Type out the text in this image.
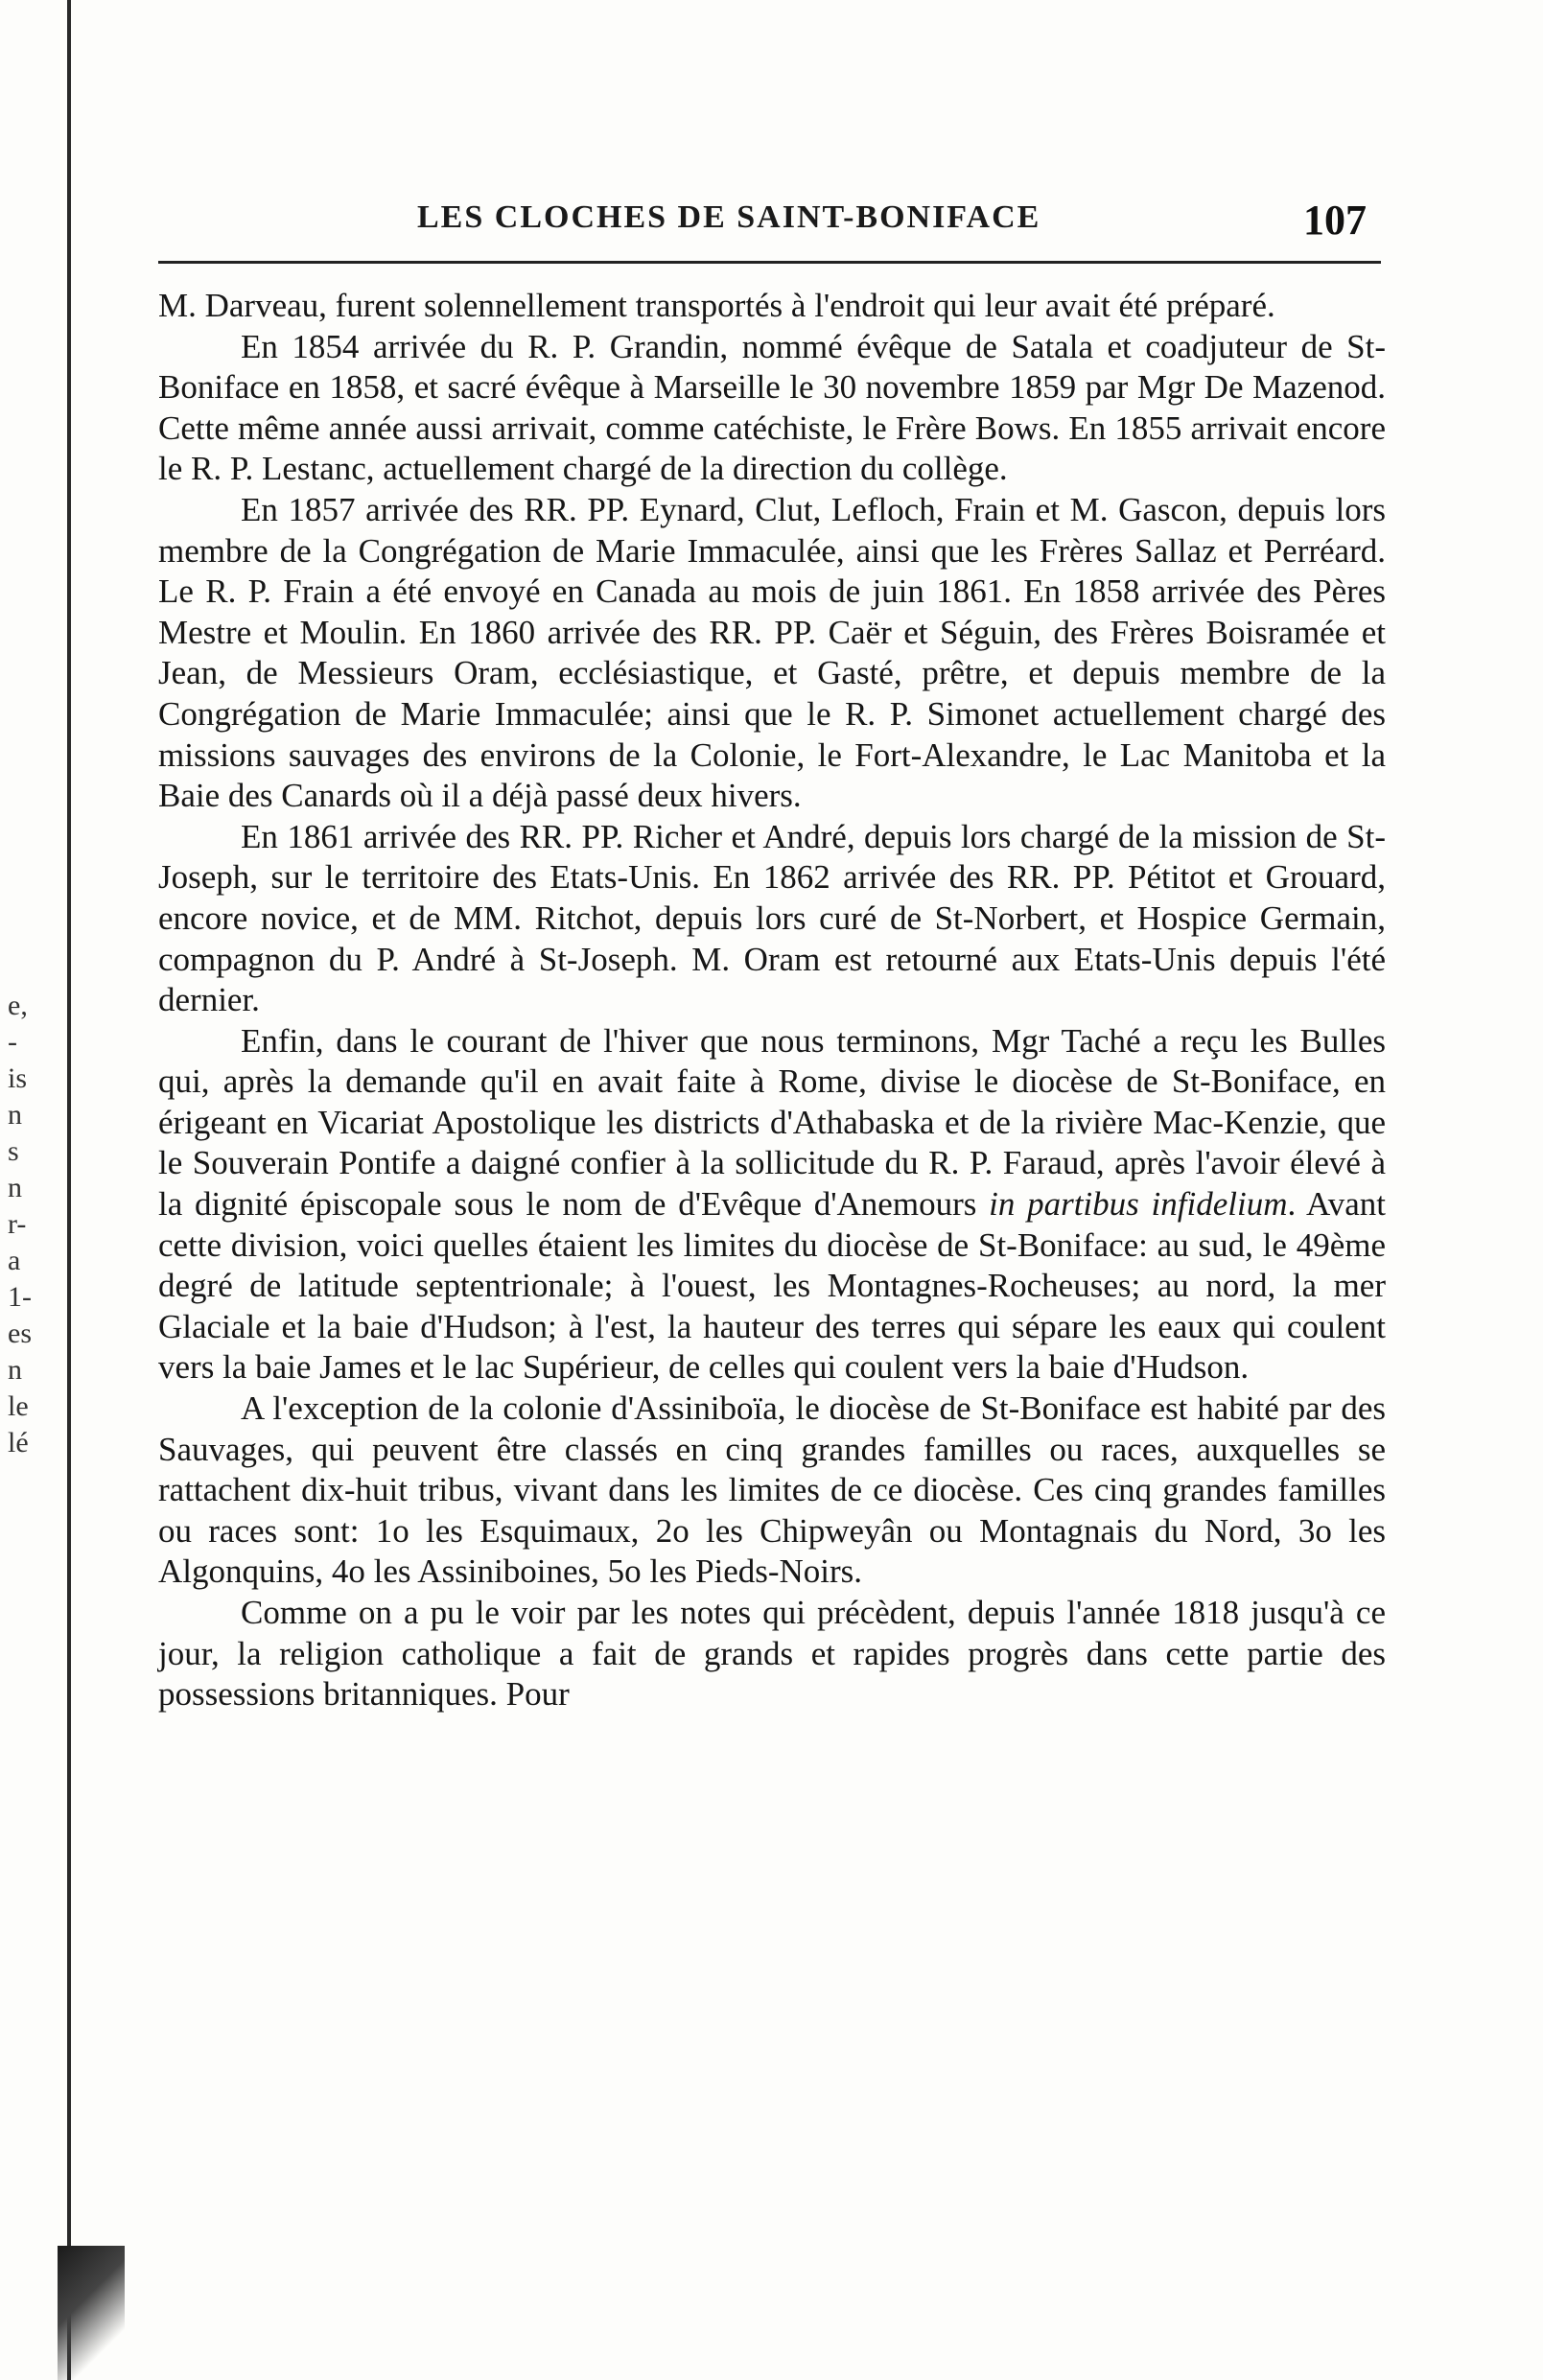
e,
-
is
n
s
n
r-
a
1-
es
n
le
lé
LES CLOCHES DE SAINT-BONIFACE	107

M. Darveau, furent solennellement transportés à l'endroit qui leur avait été préparé.

En 1854 arrivée du R. P. Grandin, nommé évêque de Satala et coadjuteur de St-Boniface en 1858, et sacré évêque à Marseille le 30 novembre 1859 par Mgr De Mazenod. Cette même année aussi arrivait, comme catéchiste, le Frère Bows. En 1855 arrivait encore le R. P. Lestanc, actuellement chargé de la direction du collège.

En 1857 arrivée des RR. PP. Eynard, Clut, Lefloch, Frain et M. Gascon, depuis lors membre de la Congrégation de Marie Immaculée, ainsi que les Frères Sallaz et Perréard. Le R. P. Frain a été envoyé en Canada au mois de juin 1861. En 1858 arrivée des Pères Mestre et Moulin. En 1860 arrivée des RR. PP. Caër et Séguin, des Frères Boisramée et Jean, de Messieurs Oram, ecclésiastique, et Gasté, prêtre, et depuis membre de la Congrégation de Marie Immaculée; ainsi que le R. P. Simonet actuellement chargé des missions sauvages des environs de la Colonie, le Fort-Alexandre, le Lac Manitoba et la Baie des Canards où il a déjà passé deux hivers.

En 1861 arrivée des RR. PP. Richer et André, depuis lors chargé de la mission de St-Joseph, sur le territoire des Etats-Unis. En 1862 arrivée des RR. PP. Pétitot et Grouard, encore novice, et de MM. Ritchot, depuis lors curé de St-Norbert, et Hospice Germain, compagnon du P. André à St-Joseph. M. Oram est retourné aux Etats-Unis depuis l'été dernier.

Enfin, dans le courant de l'hiver que nous terminons, Mgr Taché a reçu les Bulles qui, après la demande qu'il en avait faite à Rome, divise le diocèse de St-Boniface, en érigeant en Vicariat Apostolique les districts d'Athabaska et de la rivière Mac-Kenzie, que le Souverain Pontife a daigné confier à la sollicitude du R. P. Faraud, après l'avoir élevé à la dignité épiscopale sous le nom de d'Evêque d'Anemours in partibus infidelium. Avant cette division, voici quelles étaient les limites du diocèse de St-Boniface: au sud, le 49ème degré de latitude septentrionale; à l'ouest, les Montagnes-Rocheuses; au nord, la mer Glaciale et la baie d'Hudson; à l'est, la hauteur des terres qui sépare les eaux qui coulent vers la baie James et le lac Supérieur, de celles qui coulent vers la baie d'Hudson.

A l'exception de la colonie d'Assiniboïa, le diocèse de St-Boniface est habité par des Sauvages, qui peuvent être classés en cinq grandes familles ou races, auxquelles se rattachent dix-huit tribus, vivant dans les limites de ce diocèse. Ces cinq grandes familles ou races sont: 1o les Esquimaux, 2o les Chipweyân ou Montagnais du Nord, 3o les Algonquins, 4o les Assiniboines, 5o les Pieds-Noirs.

Comme on a pu le voir par les notes qui précèdent, depuis l'année 1818 jusqu'à ce jour, la religion catholique a fait de grands et rapides progrès dans cette partie des possessions britanniques. Pour
